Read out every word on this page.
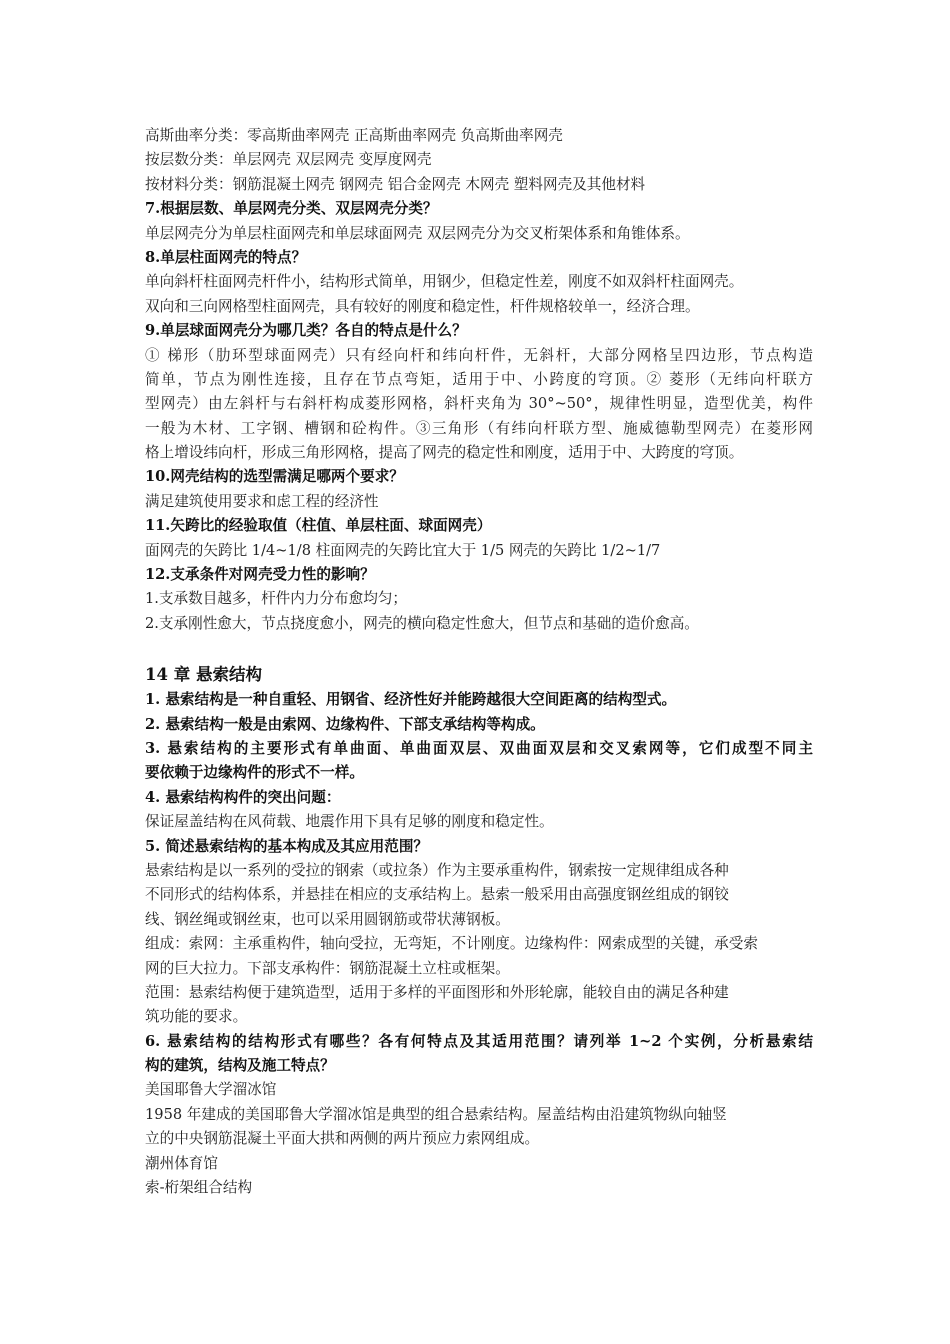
高斯曲率分类：零高斯曲率网壳 正高斯曲率网壳 负高斯曲率网壳
按层数分类：单层网壳 双层网壳 变厚度网壳
按材料分类：钢筋混凝土网壳 钢网壳 铝合金网壳 木网壳 塑料网壳及其他材料
7.根据层数、单层网壳分类、双层网壳分类？
单层网壳分为单层柱面网壳和单层球面网壳 双层网壳分为交叉桁架体系和角锥体系。
8.单层柱面网壳的特点？
单向斜杆柱面网壳杆件小，结构形式简单，用钢少，但稳定性差，刚度不如双斜杆柱面网壳。
双向和三向网格型柱面网壳，具有较好的刚度和稳定性，杆件规格较单一，经济合理。
9.单层球面网壳分为哪几类？各自的特点是什么？
① 梯形（肋环型球面网壳）只有经向杆和纬向杆件，无斜杆，大部分网格呈四边形，节点构造
简单，节点为刚性连接，且存在节点弯矩，适用于中、小跨度的穹顶。② 菱形（无纬向杆联方
型网壳）由左斜杆与右斜杆构成菱形网格，斜杆夹角为 30°~50°，规律性明显，造型优美，构件
一般为木材、工字钢、槽钢和砼构件。③三角形（有纬向杆联方型、施威德勒型网壳）在菱形网
格上增设纬向杆，形成三角形网格，提高了网壳的稳定性和刚度，适用于中、大跨度的穹顶。
10.网壳结构的选型需满足哪两个要求？
满足建筑使用要求和虑工程的经济性
11.矢跨比的经验取值（柱值、单层柱面、球面网壳）
面网壳的矢跨比 1/4~1/8 柱面网壳的矢跨比宜大于 1/5 网壳的矢跨比 1/2~1/7
12.支承条件对网壳受力性的影响？
1.支承数目越多，杆件内力分布愈均匀；
2.支承刚性愈大，节点挠度愈小，网壳的横向稳定性愈大，但节点和基础的造价愈高。
14 章 悬索结构
1. 悬索结构是一种自重轻、用钢省、经济性好并能跨越很大空间距离的结构型式。
2. 悬索结构一般是由索网、边缘构件、下部支承结构等构成。
3. 悬索结构的主要形式有单曲面、单曲面双层、双曲面双层和交叉索网等，它们成型不同主
要依赖于边缘构件的形式不一样。
4. 悬索结构构件的突出问题：
保证屋盖结构在风荷载、地震作用下具有足够的刚度和稳定性。
5. 简述悬索结构的基本构成及其应用范围？
悬索结构是以一系列的受拉的钢索（或拉条）作为主要承重构件，钢索按一定规律组成各种
不同形式的结构体系，并悬挂在相应的支承结构上。悬索一般采用由高强度钢丝组成的钢铰
线、钢丝绳或钢丝束，也可以采用圆钢筋或带状薄钢板。
组成：索网：主承重构件，轴向受拉，无弯矩，不计刚度。边缘构件：网索成型的关键，承受索
网的巨大拉力。下部支承构件：钢筋混凝土立柱或框架。
范围：悬索结构便于建筑造型，适用于多样的平面图形和外形轮廓，能较自由的满足各种建
筑功能的要求。
6. 悬索结构的结构形式有哪些？各有何特点及其适用范围？请列举 1~2 个实例，分析悬索结
构的建筑，结构及施工特点？
美国耶鲁大学溜冰馆
1958 年建成的美国耶鲁大学溜冰馆是典型的组合悬索结构。屋盖结构由沿建筑物纵向轴竖
立的中央钢筋混凝土平面大拱和两侧的两片预应力索网组成。
潮州体育馆
索-桁架组合结构
